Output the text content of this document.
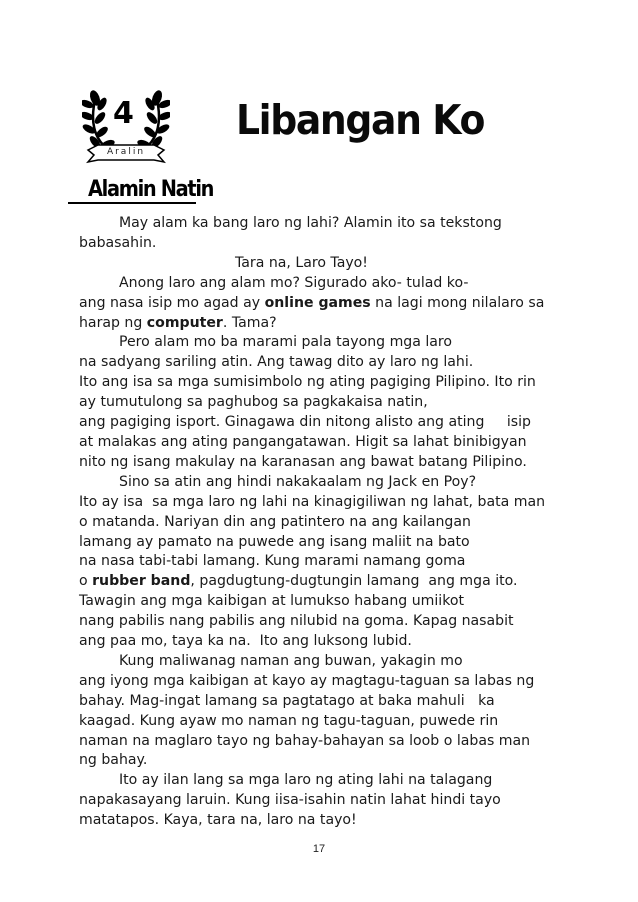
4
Aralin
Libangan Ko
Alamin Natin
May alam ka bang laro ng lahi? Alamin ito sa tekstong
babasahin.
Tara na, Laro Tayo!
Anong laro ang alam mo? Sigurado ako- tulad ko-
ang nasa isip mo agad ay online games na lagi mong nilalaro sa
harap ng computer. Tama?
Pero alam mo ba marami pala tayong mga laro
na sadyang sariling atin. Ang tawag dito ay laro ng lahi.
Ito ang isa sa mga sumisimbolo ng ating pagiging Pilipino. Ito rin
ay tumutulong sa paghubog sa pagkakaisa natin,
ang pagiging isport. Ginagawa din nitong alisto ang ating     isip
at malakas ang ating pangangatawan. Higit sa lahat binibigyan
nito ng isang makulay na karanasan ang bawat batang Pilipino.
Sino sa atin ang hindi nakakaalam ng Jack en Poy?
Ito ay isa  sa mga laro ng lahi na kinagigiliwan ng lahat, bata man
o matanda. Nariyan din ang patintero na ang kailangan
lamang ay pamato na puwede ang isang maliit na bato
na nasa tabi-tabi lamang. Kung marami namang goma
o rubber band, pagdugtung-dugtungin lamang  ang mga ito.
Tawagin ang mga kaibigan at lumukso habang umiikot
nang pabilis nang pabilis ang nilubid na goma. Kapag nasabit
ang paa mo, taya ka na.  Ito ang luksong lubid.
Kung maliwanag naman ang buwan, yakagin mo
ang iyong mga kaibigan at kayo ay magtagu-taguan sa labas ng
bahay. Mag-ingat lamang sa pagtatago at baka mahuli   ka
kaagad. Kung ayaw mo naman ng tagu-taguan, puwede rin
naman na maglaro tayo ng bahay-bahayan sa loob o labas man
ng bahay.
Ito ay ilan lang sa mga laro ng ating lahi na talagang
napakasayang laruin. Kung iisa-isahin natin lahat hindi tayo
matatapos. Kaya, tara na, laro na tayo!
17
